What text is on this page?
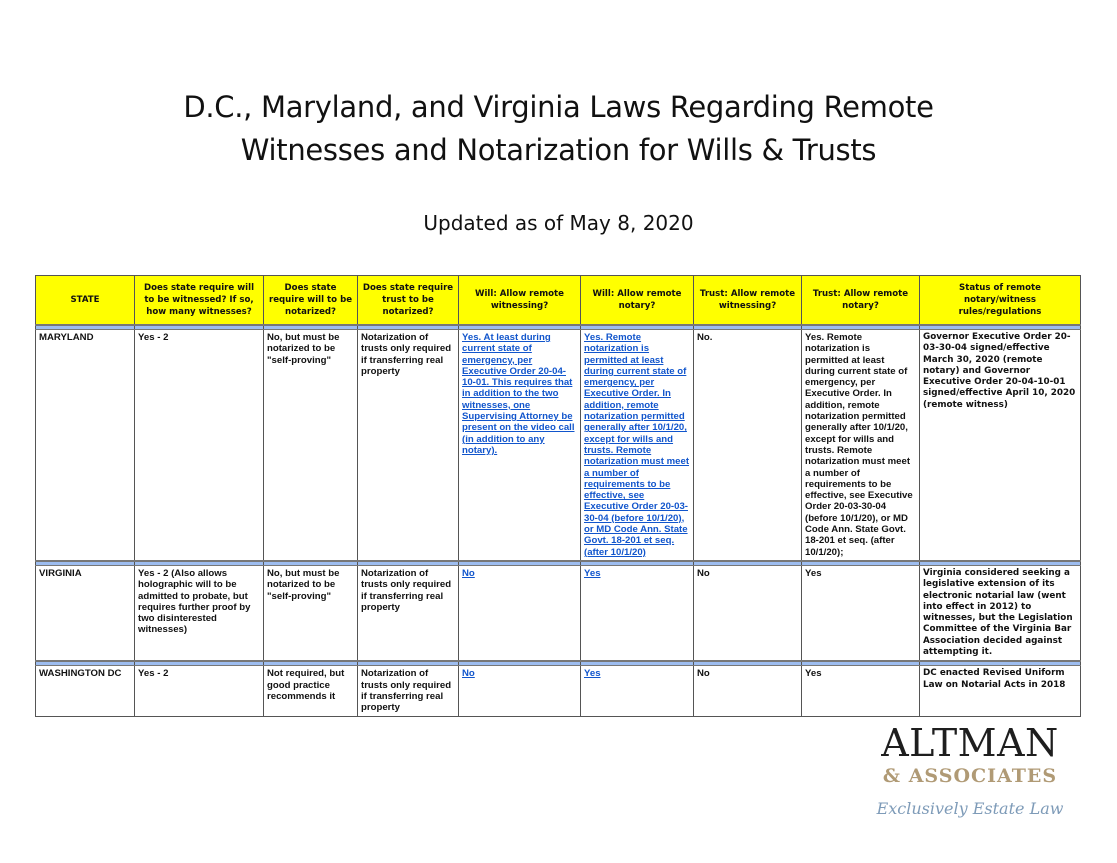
D.C., Maryland, and Virginia Laws Regarding Remote
Witnesses and Notarization for Wills & Trusts
Updated as of May 8, 2020
STATE	Does state require will to be witnessed? If so, how many witnesses?	Does state require will to be notarized?	Does state require trust to be notarized?	Will: Allow remote witnessing?	Will: Allow remote notary?	Trust: Allow remote witnessing?	Trust: Allow remote notary?	Status of remote notary/witness rules/regulations

MARYLAND	Yes - 2	No, but must be notarized to be "self-proving"	Notarization of trusts only required if transferring real property	Yes. At least during current state of emergency, per Executive Order 20-04-10-01. This requires that in addition to the two witnesses, one Supervising Attorney be present on the video call (in addition to any notary).	Yes. Remote notarization is permitted at least during current state of emergency, per Executive Order. In addition, remote notarization permitted generally after 10/1/20, except for wills and trusts. Remote notarization must meet a number of requirements to be effective, see Executive Order 20-03-30-04 (before 10/1/20), or MD Code Ann. State Govt. 18-201 et seq. (after 10/1/20)	No.	Yes. Remote notarization is permitted at least during current state of emergency, per Executive Order. In addition, remote notarization permitted generally after 10/1/20, except for wills and trusts. Remote notarization must meet a number of requirements to be effective, see Executive Order 20-03-30-04 (before 10/1/20), or MD Code Ann. State Govt. 18-201 et seq. (after 10/1/20);	Governor Executive Order 20-03-30-04 signed/effective March 30, 2020 (remote notary) and Governor Executive Order 20-04-10-01 signed/effective April 10, 2020 (remote witness)

VIRGINIA	Yes - 2 (Also allows holographic will to be admitted to probate, but requires further proof by two disinterested witnesses)	No, but must be notarized to be "self-proving"	Notarization of trusts only required if transferring real property	No	Yes	No	Yes	Virginia considered seeking a legislative extension of its electronic notarial law (went into effect in 2012) to witnesses, but the Legislation Committee of the Virginia Bar Association decided against attempting it.

WASHINGTON DC	Yes - 2	Not required, but good practice recommends it	Notarization of trusts only required if transferring real property	No	Yes	No	Yes	DC enacted Revised Uniform Law on Notarial Acts in 2018
ALTMAN
& ASSOCIATES
Exclusively Estate Law
